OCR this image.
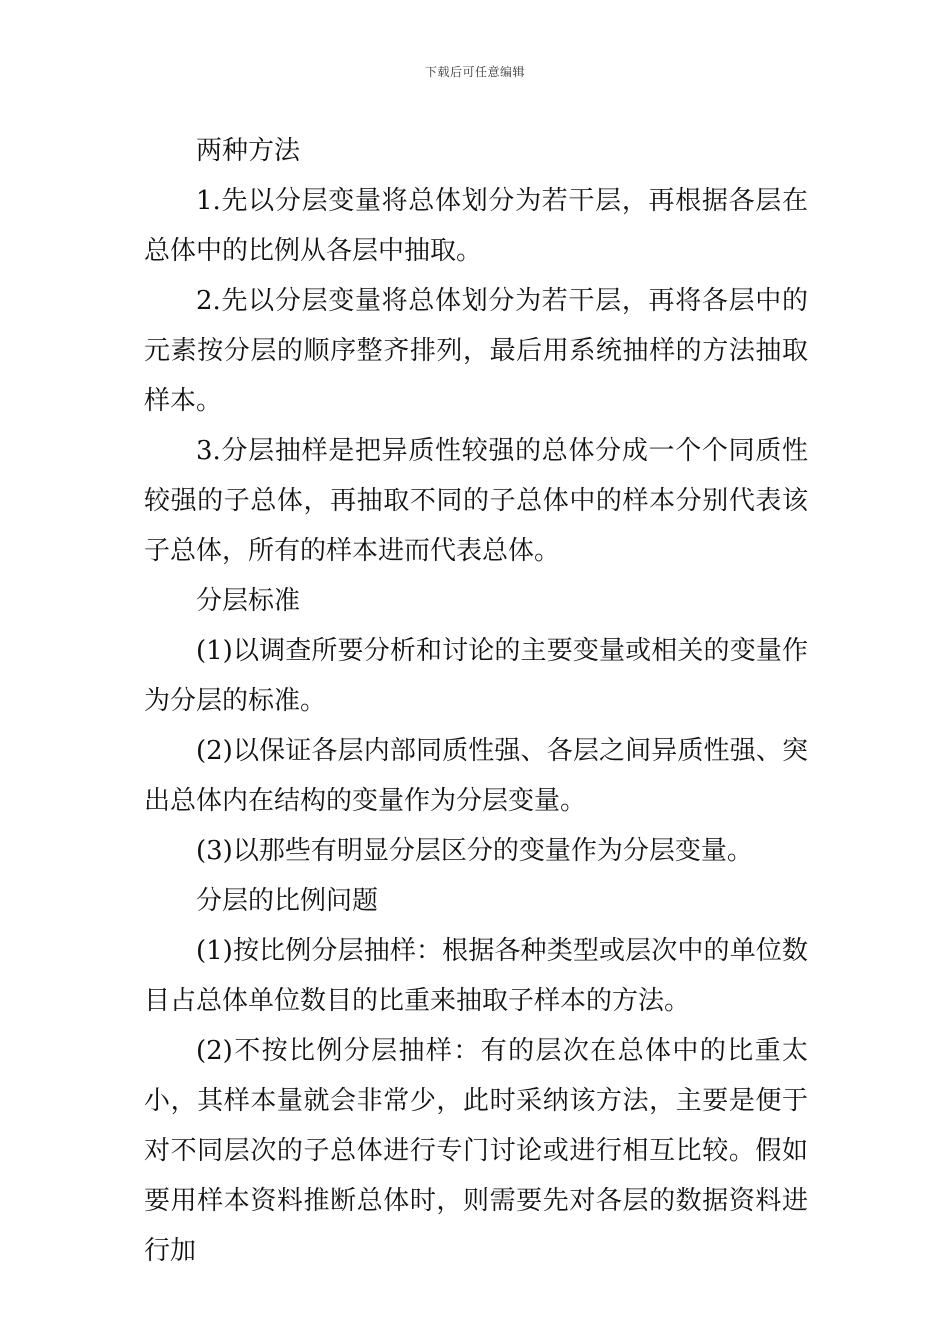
下载后可任意编辑

两种方法

1.先以分层变量将总体划分为若干层，再根据各层在总体中的比例从各层中抽取。

2.先以分层变量将总体划分为若干层，再将各层中的元素按分层的顺序整齐排列，最后用系统抽样的方法抽取样本。

3.分层抽样是把异质性较强的总体分成一个个同质性较强的子总体，再抽取不同的子总体中的样本分别代表该子总体，所有的样本进而代表总体。

分层标准

(1)以调查所要分析和讨论的主要变量或相关的变量作为分层的标准。

(2)以保证各层内部同质性强、各层之间异质性强、突出总体内在结构的变量作为分层变量。

(3)以那些有明显分层区分的变量作为分层变量。

分层的比例问题

(1)按比例分层抽样：根据各种类型或层次中的单位数目占总体单位数目的比重来抽取子样本的方法。

(2)不按比例分层抽样：有的层次在总体中的比重太小，其样本量就会非常少，此时采纳该方法，主要是便于对不同层次的子总体进行专门讨论或进行相互比较。假如要用样本资料推断总体时，则需要先对各层的数据资料进行加
